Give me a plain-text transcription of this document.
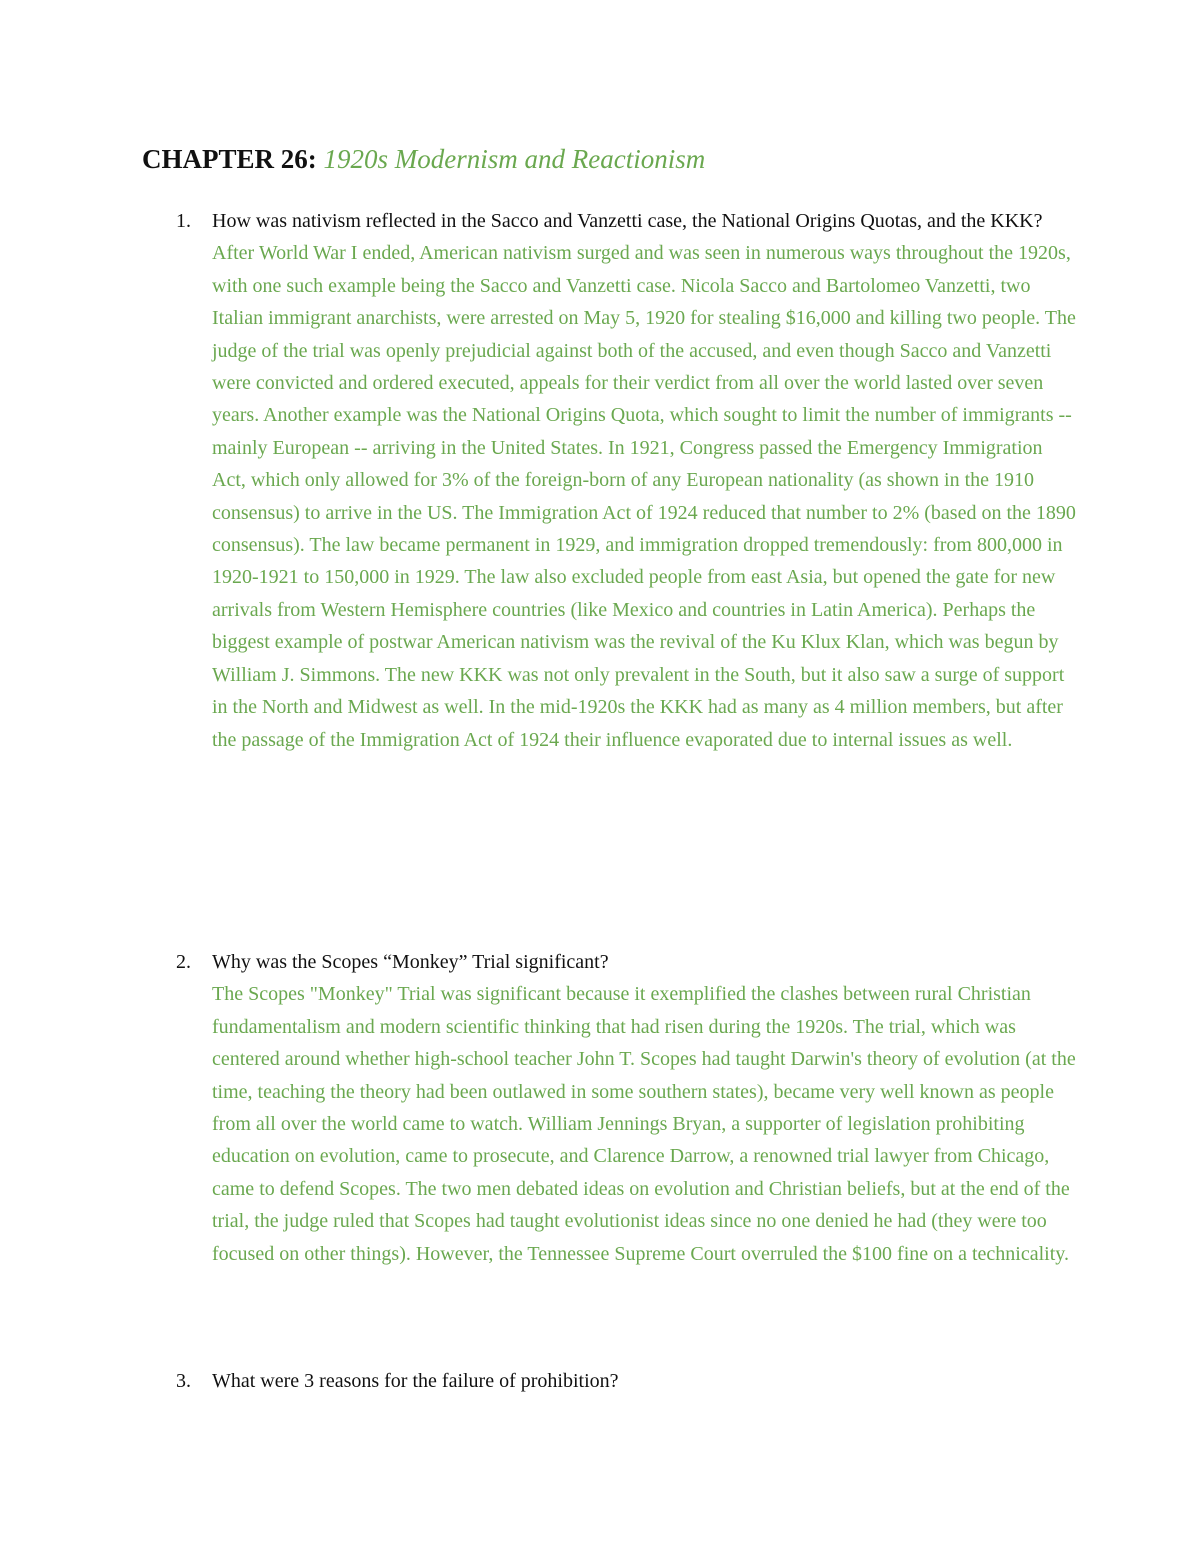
CHAPTER 26: 1920s Modernism and Reactionism
1.	How was nativism reflected in the Sacco and Vanzetti case, the National Origins Quotas, and the KKK?
After World War I ended, American nativism surged and was seen in numerous ways throughout the 1920s, with one such example being the Sacco and Vanzetti case. Nicola Sacco and Bartolomeo Vanzetti, two Italian immigrant anarchists, were arrested on May 5, 1920 for stealing $16,000 and killing two people. The judge of the trial was openly prejudicial against both of the accused, and even though Sacco and Vanzetti were convicted and ordered executed, appeals for their verdict from all over the world lasted over seven years. Another example was the National Origins Quota, which sought to limit the number of immigrants -- mainly European -- arriving in the United States. In 1921, Congress passed the Emergency Immigration Act, which only allowed for 3% of the foreign-born of any European nationality (as shown in the 1910 consensus) to arrive in the US. The Immigration Act of 1924 reduced that number to 2% (based on the 1890 consensus). The law became permanent in 1929, and immigration dropped tremendously: from 800,000 in 1920-1921 to 150,000 in 1929. The law also excluded people from east Asia, but opened the gate for new arrivals from Western Hemisphere countries (like Mexico and countries in Latin America). Perhaps the biggest example of postwar American nativism was the revival of the Ku Klux Klan, which was begun by William J. Simmons. The new KKK was not only prevalent in the South, but it also saw a surge of support in the North and Midwest as well. In the mid-1920s the KKK had as many as 4 million members, but after the passage of the Immigration Act of 1924 their influence evaporated due to internal issues as well.
2.	Why was the Scopes “Monkey” Trial significant?
The Scopes "Monkey" Trial was significant because it exemplified the clashes between rural Christian fundamentalism and modern scientific thinking that had risen during the 1920s. The trial, which was centered around whether high-school teacher John T. Scopes had taught Darwin's theory of evolution (at the time, teaching the theory had been outlawed in some southern states), became very well known as people from all over the world came to watch. William Jennings Bryan, a supporter of legislation prohibiting education on evolution, came to prosecute, and Clarence Darrow, a renowned trial lawyer from Chicago, came to defend Scopes. The two men debated ideas on evolution and Christian beliefs, but at the end of the trial, the judge ruled that Scopes had taught evolutionist ideas since no one denied he had (they were too focused on other things). However, the Tennessee Supreme Court overruled the $100 fine on a technicality.
3.	What were 3 reasons for the failure of prohibition?
